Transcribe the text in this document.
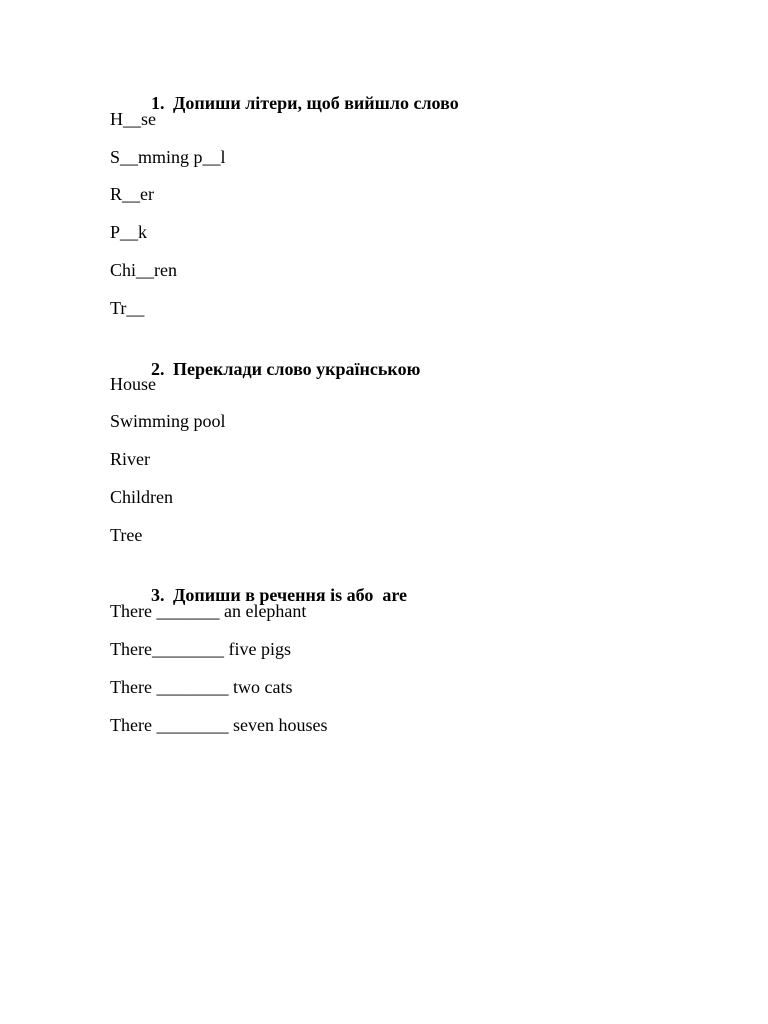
1. Допиши літери, щоб вийшло слово

H__se
S__mming p__l
R__er
P__k
Chi__ren
Tr__

2. Переклади слово українською

House
Swimming pool
River
Children
Tree

3. Допиши в речення is або  are

There _______ an elephant
There________ five pigs
There ________ two cats
There ________ seven houses
